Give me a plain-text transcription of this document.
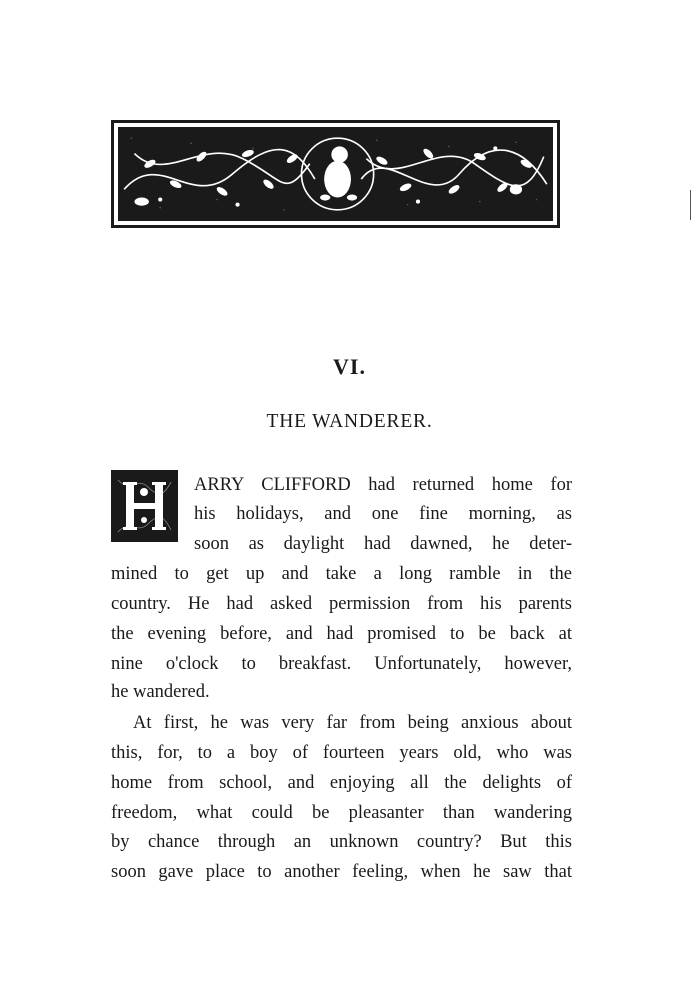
VI.
THE WANDERER.
ARRY CLIFFORD had returned home for
his holidays, and one fine morning, as
soon as daylight had dawned, he deter-
mined to get up and take a long ramble in the
country. He had asked permission from his parents
the evening before, and had promised to be back at
nine o'clock to breakfast. Unfortunately, however,
he wandered.
At first, he was very far from being anxious about
this, for, to a boy of fourteen years old, who was
home from school, and enjoying all the delights of
freedom, what could be pleasanter than wandering
by chance through an unknown country? But this
soon gave place to another feeling, when he saw that
